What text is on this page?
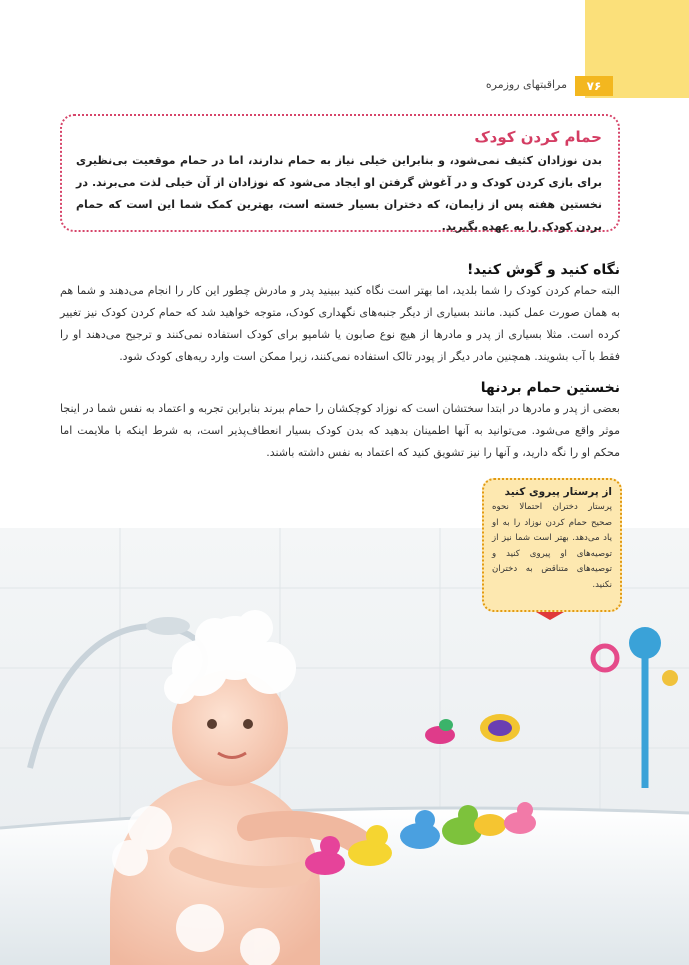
۷۶
مراقبتهای روزمره
حمام کردن کودک
بدن نوزادان کثیف نمی‌شود، و بنابراین خیلی نیاز به حمام ندارند، اما در حمام موقعیت بی‌نظیری برای بازی کردن کودک و در آغوش گرفتن او ایجاد می‌شود که نوزادان از آن خیلی لذت می‌برند. در نخستین هفته پس از زایمان، که دختران بسیار خسته است، بهترین کمک شما این است که حمام بردن کودک را به عهده بگیرید.
نگاه کنید و گوش کنید!
البته حمام کردن کودک را شما بلدید، اما بهتر است نگاه کنید ببینید پدر و مادرش چطور این کار را انجام می‌دهند و شما هم به همان صورت عمل کنید. مانند بسیاری از دیگر جنبه‌های نگهداری کودک، متوجه خواهید شد که حمام کردن کودک نیز تغییر کرده است. مثلا بسیاری از پدر و مادرها از هیچ نوع صابون یا شامپو برای کودک استفاده نمی‌کنند و ترجیح می‌دهند او را فقط با آب بشویند. همچنین مادر دیگر از پودر تالک استفاده نمی‌کنند، زیرا ممکن است وارد ریه‌های کودک شود.
نخستین حمام بردنها
بعضی از پدر و مادرها در ابتدا سختشان است که نوزاد کوچکشان را حمام ببرند بنابراین تجربه و اعتماد به نفس شما در اینجا موثر واقع می‌شود. می‌توانید به آنها اطمینان بدهید که بدن کودک بسیار انعطاف‌پذیر است، به شرط اینکه با ملایمت اما محکم او را نگه دارید، و آنها را نیز تشویق کنید که اعتماد به نفس داشته باشند.
از پرستار پیروی کنید
پرستار دختران احتمالا نحوه صحیح حمام کردن نوزاد را به او یاد می‌دهد. بهتر است شما نیز از توصیه‌های او پیروی کنید و توصیه‌های متناقض به دختران نکنید.
